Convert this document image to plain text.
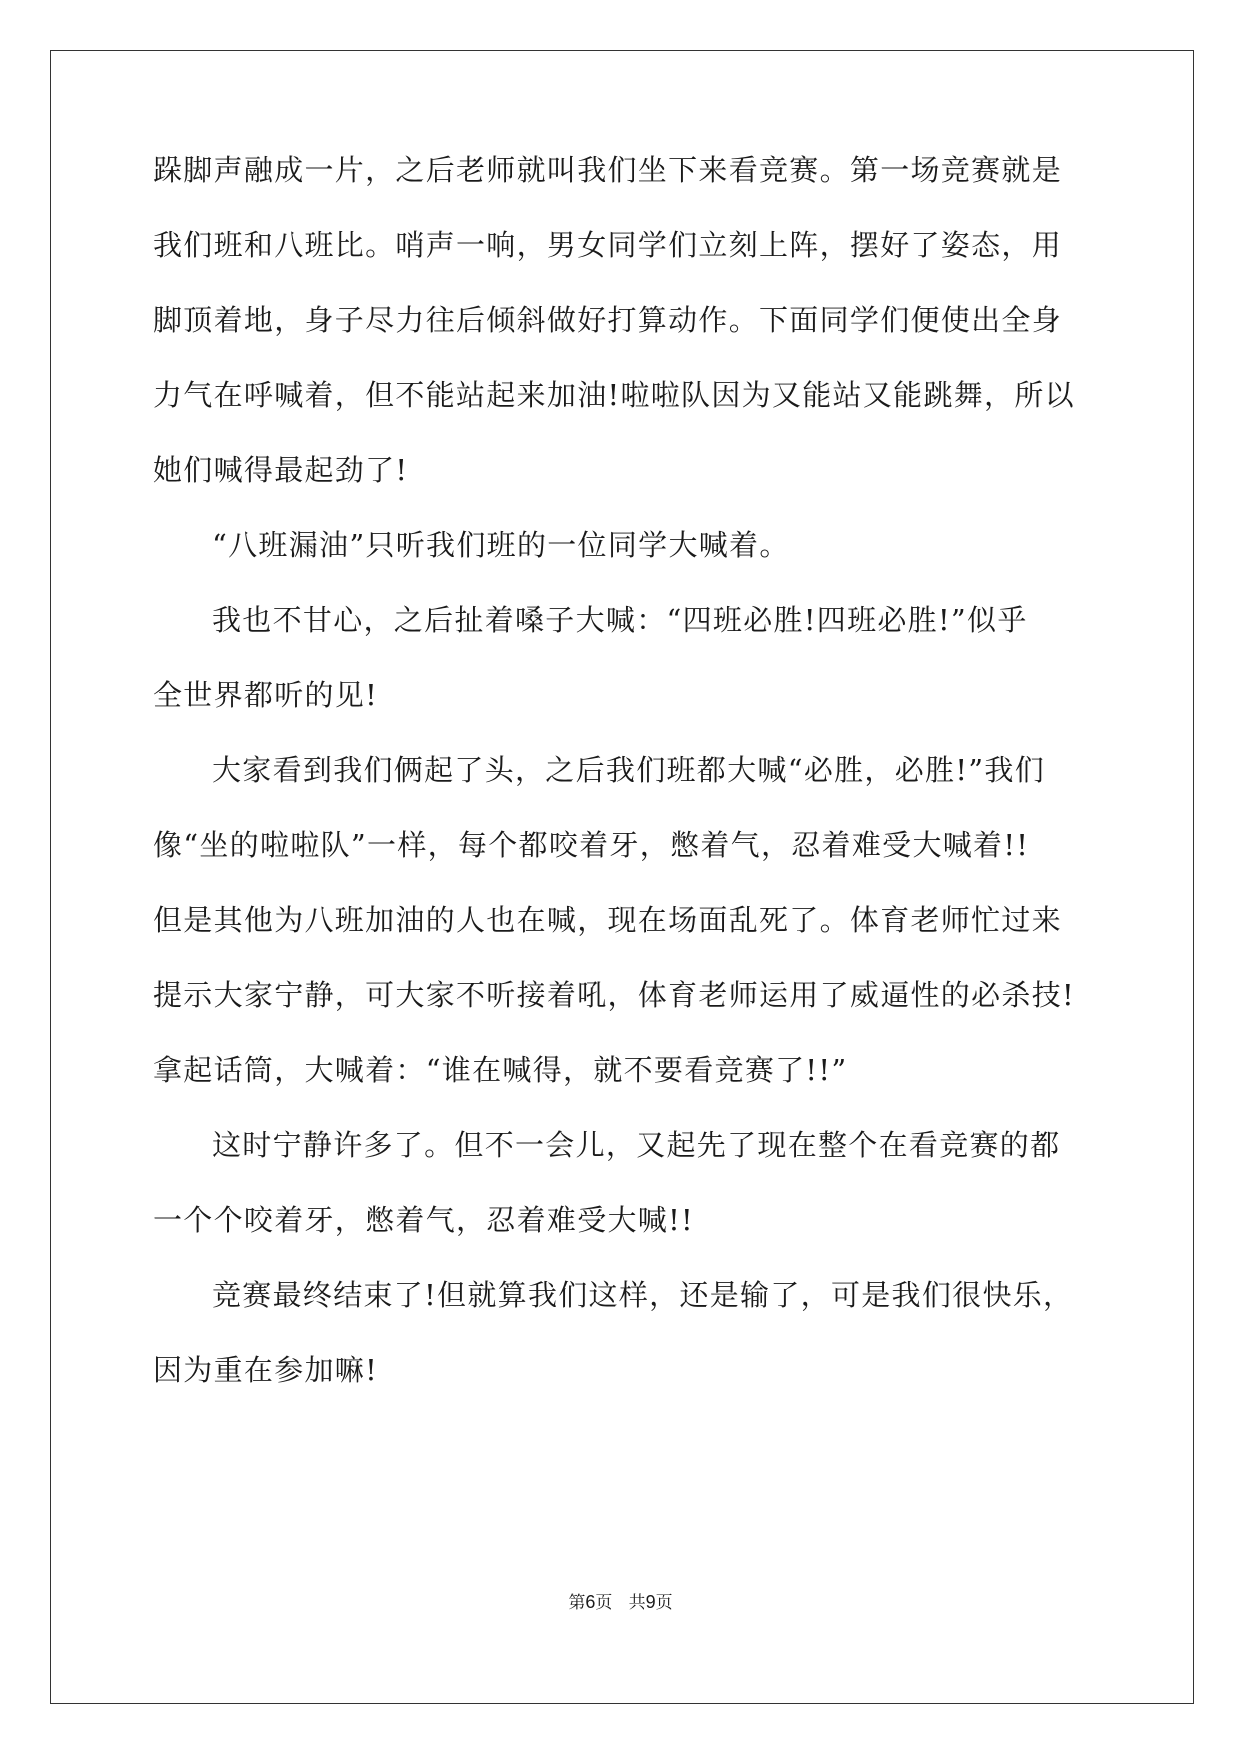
跺脚声融成一片，之后老师就叫我们坐下来看竞赛。第一场竞赛就是
我们班和八班比。哨声一响，男女同学们立刻上阵，摆好了姿态，用
脚顶着地，身子尽力往后倾斜做好打算动作。下面同学们便使出全身
力气在呼喊着，但不能站起来加油!啦啦队因为又能站又能跳舞，所以
她们喊得最起劲了!
“八班漏油”只听我们班的一位同学大喊着。
我也不甘心，之后扯着嗓子大喊：“四班必胜!四班必胜!”似乎
全世界都听的见!
大家看到我们俩起了头，之后我们班都大喊“必胜，必胜!”我们
像“坐的啦啦队”一样，每个都咬着牙，憋着气，忍着难受大喊着!!
但是其他为八班加油的人也在喊，现在场面乱死了。体育老师忙过来
提示大家宁静，可大家不听接着吼，体育老师运用了威逼性的必杀技!
拿起话筒，大喊着：“谁在喊得，就不要看竞赛了!!”
这时宁静许多了。但不一会儿，又起先了现在整个在看竞赛的都
一个个咬着牙，憋着气，忍着难受大喊!!
竞赛最终结束了!但就算我们这样，还是输了，可是我们很快乐，
因为重在参加嘛!
第6页 共9页
